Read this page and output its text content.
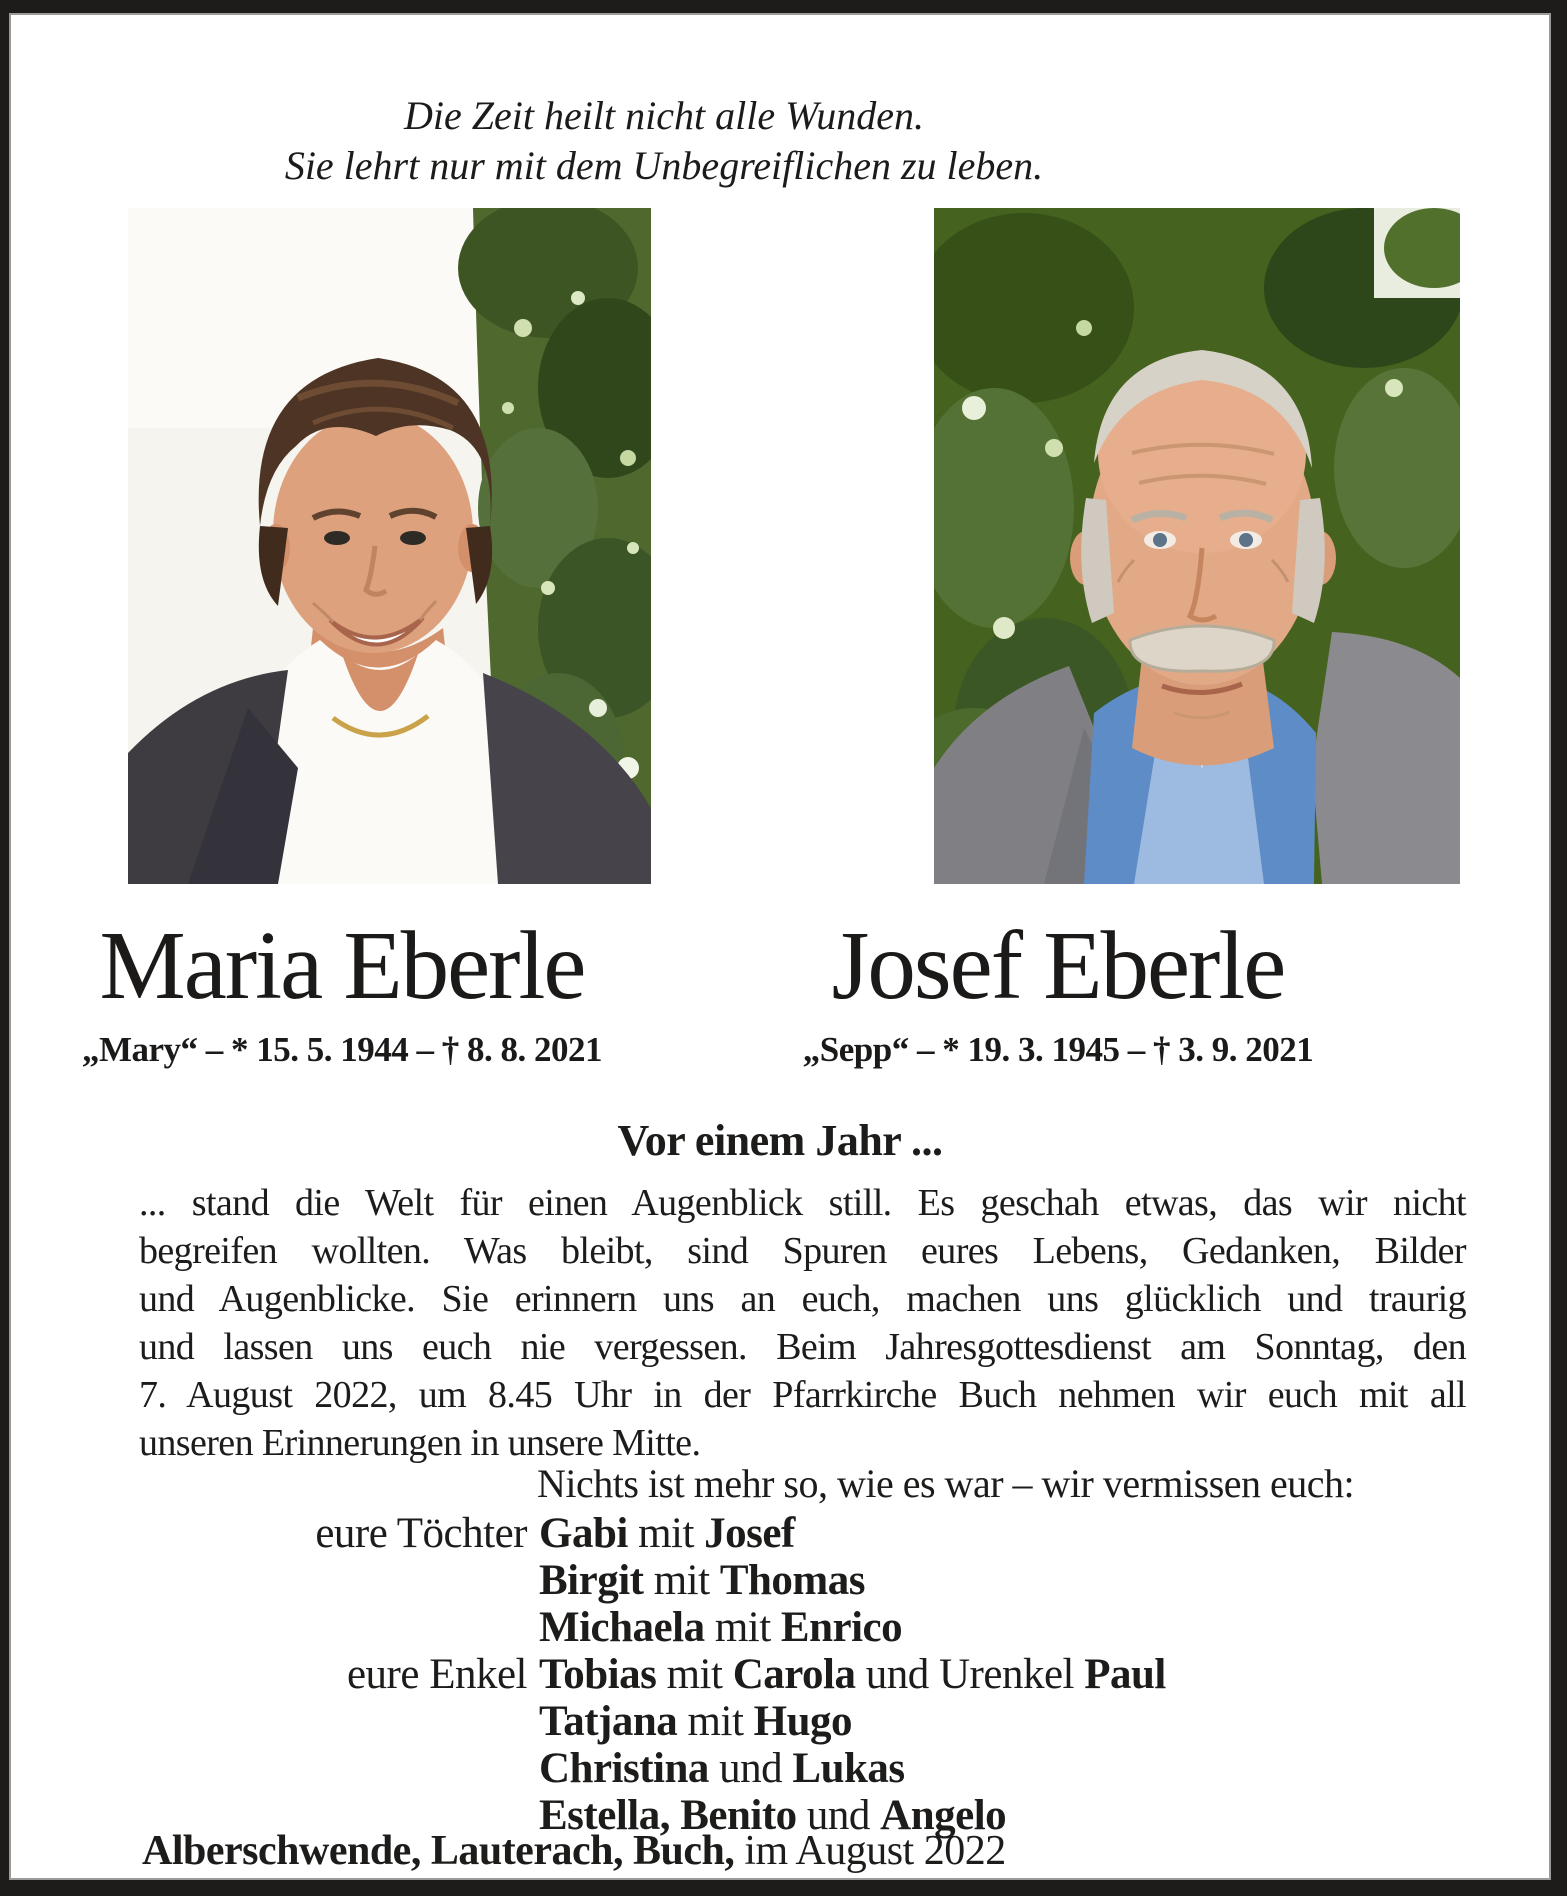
Die Zeit heilt nicht alle Wunden.
Sie lehrt nur mit dem Unbegreiflichen zu leben.
Maria Eberle
„Mary“ – * 15. 5. 1944 – † 8. 8. 2021
Josef Eberle
„Sepp“ – * 19. 3. 1945 – † 3. 9. 2021
Vor einem Jahr ...
... stand die Welt für einen Augenblick still. Es geschah etwas, das wir nicht
begreifen wollten. Was bleibt, sind Spuren eures Lebens, Gedanken, Bilder
und Augenblicke. Sie erinnern uns an euch, machen uns glücklich und traurig
und lassen uns euch nie vergessen. Beim Jahresgottesdienst am Sonntag, den
7. August 2022, um 8.45 Uhr in der Pfarrkirche Buch nehmen wir euch mit all
unseren Erinnerungen in unsere Mitte.
Nichts ist mehr so, wie es war – wir vermissen euch:
eure Töchter Gabi mit Josef
Birgit mit Thomas
Michaela mit Enrico
eure Enkel Tobias mit Carola und Urenkel Paul
Tatjana mit Hugo
Christina und Lukas
Estella, Benito und Angelo
Alberschwende, Lauterach, Buch, im August 2022
